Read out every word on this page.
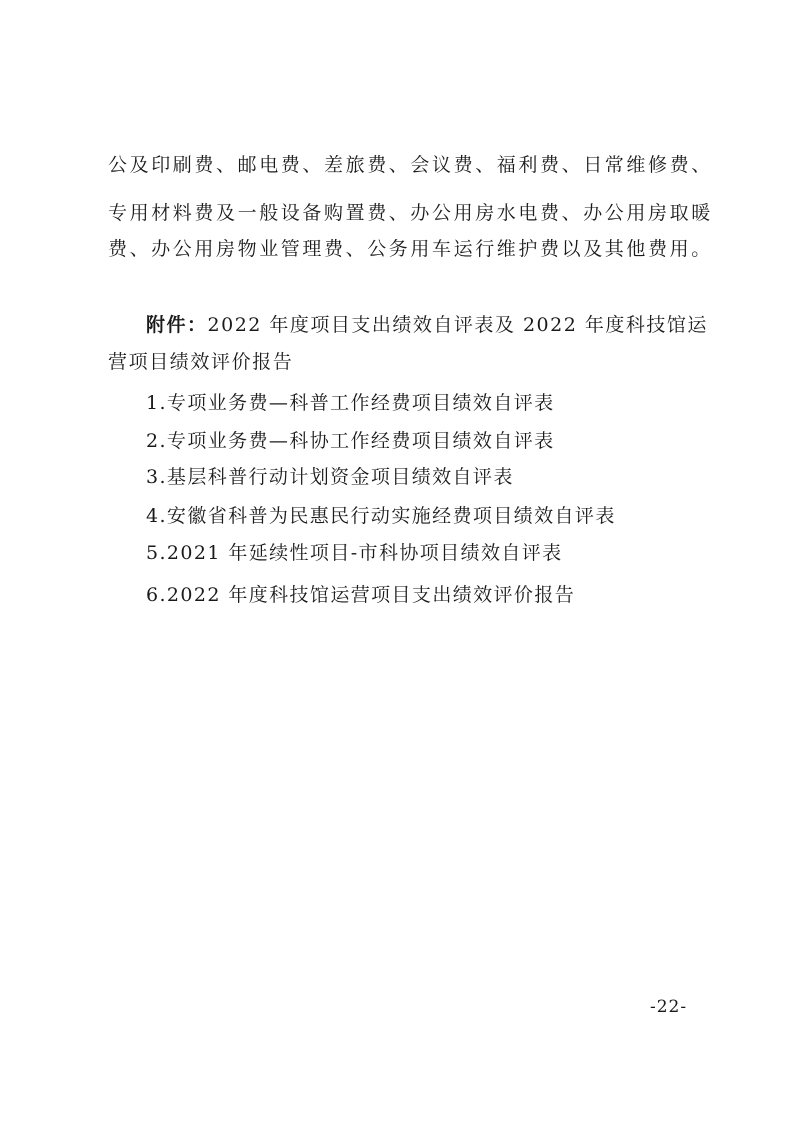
公及印刷费、邮电费、差旅费、会议费、福利费、日常维修费、
专用材料费及一般设备购置费、办公用房水电费、办公用房取暖
费、办公用房物业管理费、公务用车运行维护费以及其他费用。
附件：2022 年度项目支出绩效自评表及 2022 年度科技馆运
营项目绩效评价报告
1.专项业务费—科普工作经费项目绩效自评表
2.专项业务费—科协工作经费项目绩效自评表
3.基层科普行动计划资金项目绩效自评表
4.安徽省科普为民惠民行动实施经费项目绩效自评表
5.2021 年延续性项目-市科协项目绩效自评表
6.2022 年度科技馆运营项目支出绩效评价报告
-22-
